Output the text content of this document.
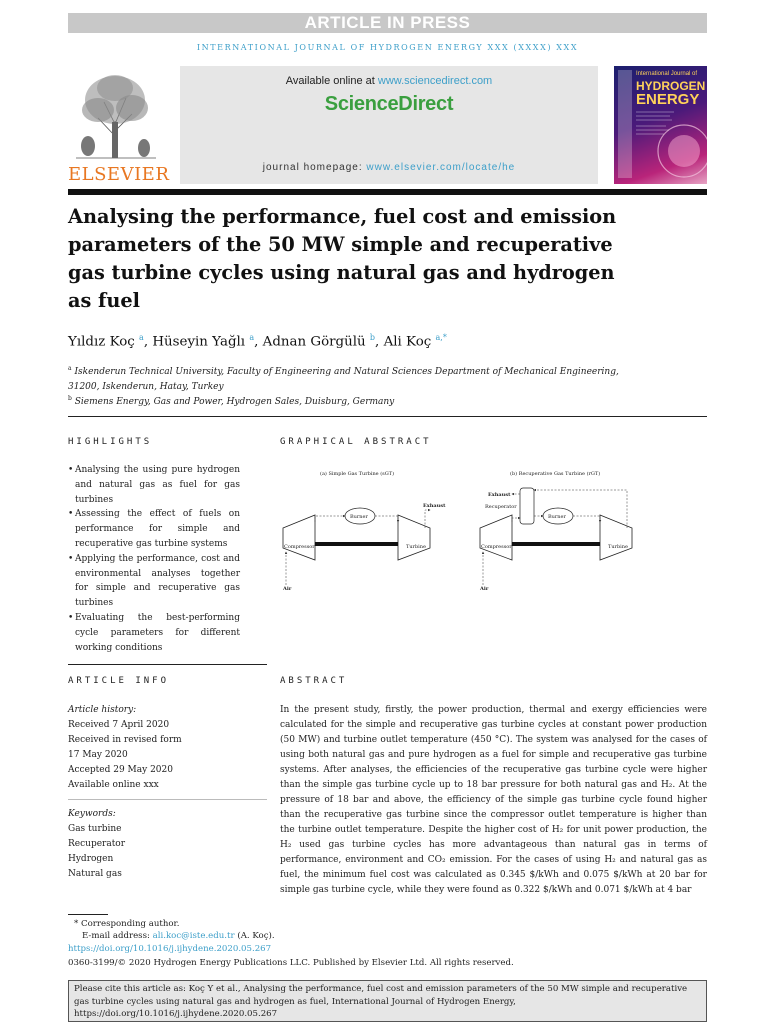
ARTICLE IN PRESS
INTERNATIONAL JOURNAL OF HYDROGEN ENERGY XXX (XXXX) XXX
ELSEVIER
Available online at www.sciencedirect.com
ScienceDirect
journal homepage: www.elsevier.com/locate/he
International Journal of
HYDROGEN
ENERGY
Analysing the performance, fuel cost and emission parameters of the 50 MW simple and recuperative gas turbine cycles using natural gas and hydrogen as fuel
Yıldız Koç $^a$, Hüseyin Yağlı $^a$, Adnan Görgülü $^b$, Ali Koç $^{a,*}$
$^a$ Iskenderun Technical University, Faculty of Engineering and Natural Sciences Department of Mechanical Engineering, 31200, Iskenderun, Hatay, Turkey
$^b$ Siemens Energy, Gas and Power, Hydrogen Sales, Duisburg, Germany
HIGHLIGHTS	GRAPHICAL ABSTRACT
• Analysing the using pure hydrogen and natural gas as fuel for gas turbines
• Assessing the effect of fuels on performance for simple and recuperative gas turbine systems
• Applying the performance, cost and environmental analyses together for simple and recuperative gas turbines
• Evaluating the best-performing cycle parameters for different working conditions
(a) Simple Gas Turbine (sGT)
Compressor	Turbine
Burner
Exhaust
Air
(b) Recuperative Gas Turbine (rGT)
Compressor	Turbine
Burner
Recuperator
Exhaust
Air
ARTICLE INFO	ABSTRACT
Article history:
Received 7 April 2020
Received in revised form
17 May 2020
Accepted 29 May 2020
Available online xxx
Keywords:
Gas turbine
Recuperator
Hydrogen
Natural gas
In the present study, firstly, the power production, thermal and exergy efficiencies were calculated for the simple and recuperative gas turbine cycles at constant power production (50 MW) and turbine outlet temperature (450 °C). The system was analysed for the cases of using both natural gas and pure hydrogen as a fuel for simple and recuperative gas turbine systems. After analyses, the efficiencies of the recuperative gas turbine cycle were higher than the simple gas turbine cycle up to 18 bar pressure for both natural gas and H₂. At the pressure of 18 bar and above, the efficiency of the simple gas turbine cycle found higher than the recuperative gas turbine since the compressor outlet temperature is higher than the turbine outlet temperature. Despite the higher cost of H₂ for unit power production, the H₂ used gas turbine cycles has more advantageous than natural gas in terms of performance, environment and CO₂ emission. For the cases of using H₂ and natural gas as fuel, the minimum fuel cost was calculated as 0.345 $/kWh and 0.075 $/kWh at 20 bar for simple gas turbine cycle, while they were found as 0.322 $/kWh and 0.071 $/kWh at 4 bar
* Corresponding author.
E-mail address: ali.koc@iste.edu.tr (A. Koç).
https://doi.org/10.1016/j.ijhydene.2020.05.267
0360-3199/© 2020 Hydrogen Energy Publications LLC. Published by Elsevier Ltd. All rights reserved.
Please cite this article as: Koç Y et al., Analysing the performance, fuel cost and emission parameters of the 50 MW simple and recuperative gas turbine cycles using natural gas and hydrogen as fuel, International Journal of Hydrogen Energy, https://doi.org/10.1016/j.ijhydene.2020.05.267
